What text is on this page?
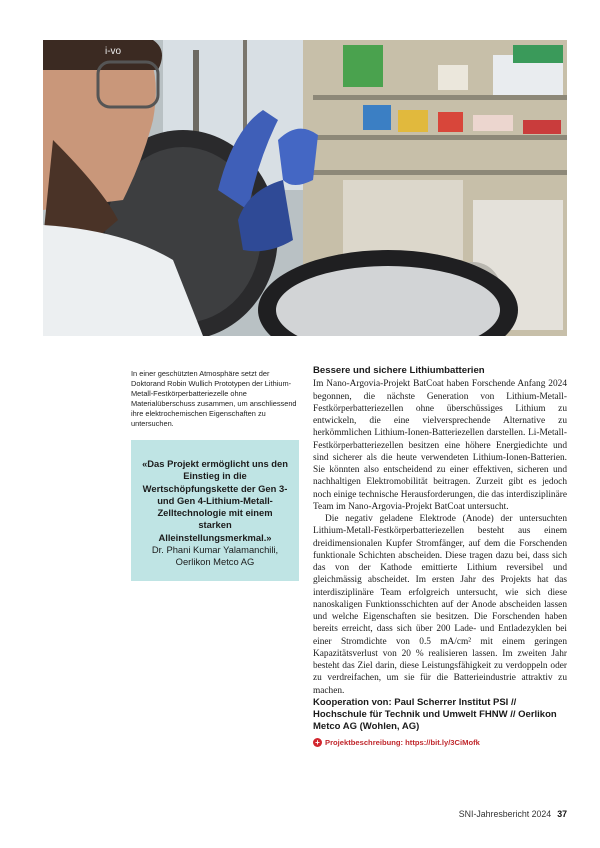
i-vo

In einer geschützten Atmosphäre setzt der Doktorand Robin Wullich Prototypen der Lithium-Metall-Festkörperbatteriezelle ohne Materialüberschuss zusammen, um anschliessend ihre elektrochemischen Eigenschaften zu untersuchen.

«Das Projekt ermöglicht uns den Einstieg in die Wertschöpfungskette der Gen 3- und Gen 4-Lithium-Metall-Zelltechnologie mit einem starken Alleinstellungsmerkmal.»

Dr. Phani Kumar Yalamanchili,

Oerlikon Metco AG

Bessere und sichere Lithiumbatterien

Im Nano-Argovia-Projekt BatCoat haben Forschende Anfang 2024 begonnen, die nächste Generation von Lithium-Metall-Festkörperbatteriezellen ohne überschüssiges Lithium zu entwickeln, die eine vielversprechende Alternative zu herkömmlichen Lithium-Ionen-Batteriezellen darstellen. Li-Metall-Festkörperbatteriezellen besitzen eine höhere Energiedichte und sind sicherer als die heute verwendeten Lithium-Ionen-Batterien. Sie könnten also entscheidend zu einer effektiven, sicheren und nachhaltigen Elektromobilität beitragen. Zurzeit gibt es jedoch noch einige technische Herausforderungen, die das interdisziplinäre Team im Nano-Argovia-Projekt BatCoat untersucht.

Die negativ geladene Elektrode (Anode) der untersuchten Lithium-Metall-Festkörperbatteriezellen besteht aus einem dreidimensionalen Kupfer Stromfänger, auf dem die Forschenden funktionale Schichten abscheiden. Diese tragen dazu bei, dass sich das von der Kathode emittierte Lithium reversibel und gleichmässig abscheidet. Im ersten Jahr des Projekts hat das interdisziplinäre Team erfolgreich untersucht, wie sich diese nanoskaligen Funktionsschichten auf der Anode abscheiden lassen und welche Eigenschaften sie besitzen. Die Forschenden haben bereits erreicht, dass sich über 200 Lade- und Entladezyklen bei einer Stromdichte von 0.5 mA/cm² mit einem geringen Kapazitätsverlust von 20 % realisieren lassen. Im zweiten Jahr besteht das Ziel darin, diese Leistungsfähigkeit zu verdoppeln oder zu verdreifachen, um sie für die Batterieindustrie attraktiv zu machen.

Kooperation von: Paul Scherrer Institut PSI // Hochschule für Technik und Umwelt FHNW // Oerlikon Metco AG (Wohlen, AG)

+ Projektbeschreibung: https://bit.ly/3CiMofk
SNI-Jahresbericht 2024 37
